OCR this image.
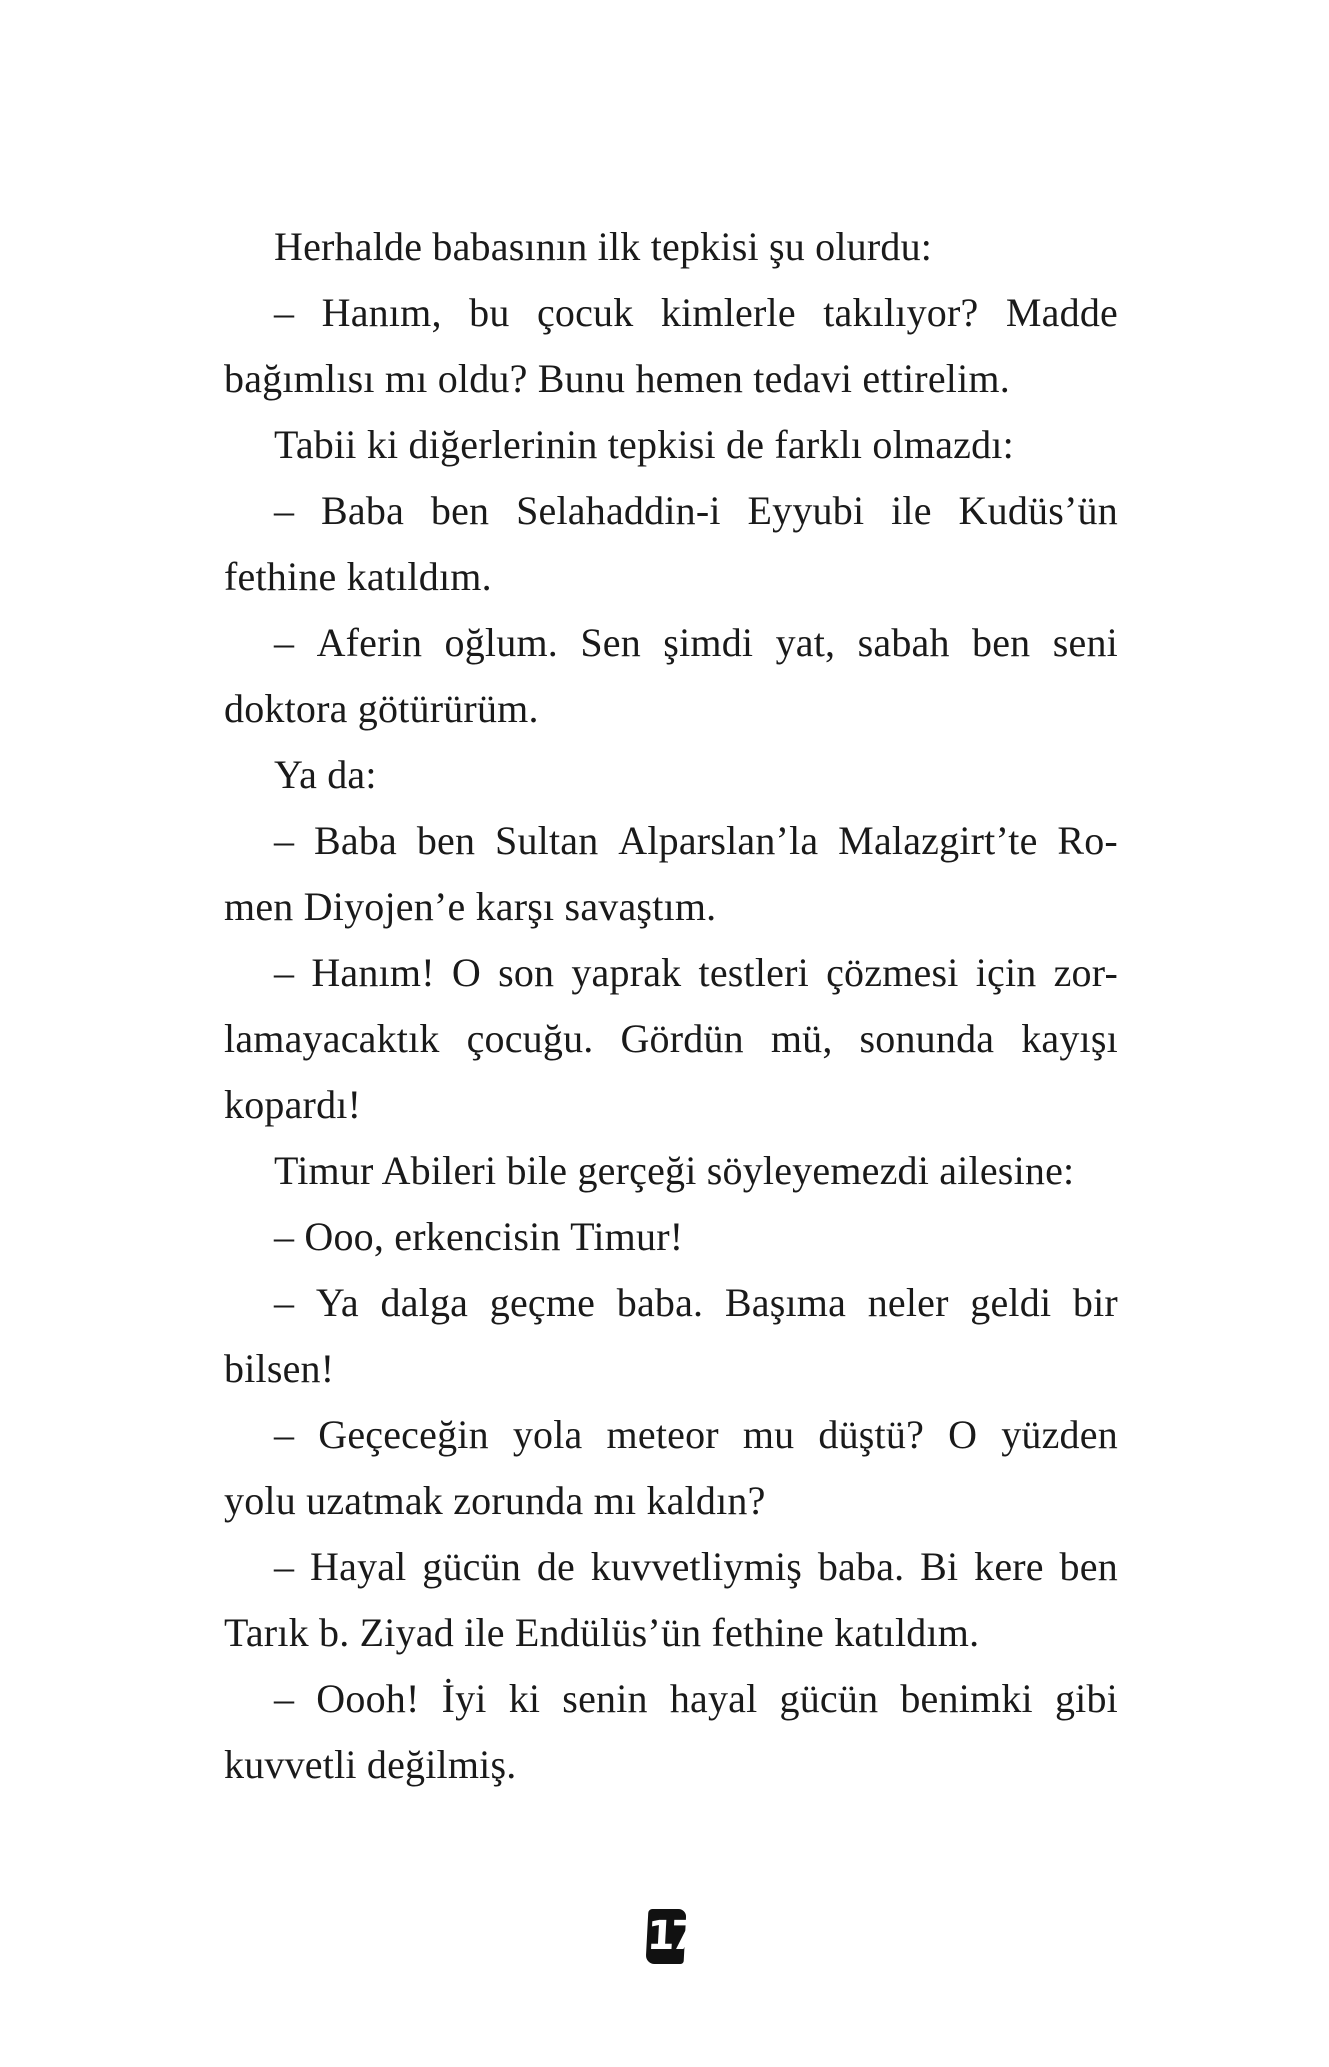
Herhalde babasının ilk tepkisi şu olurdu:
– Hanım, bu çocuk kimlerle takılıyor? Madde
bağımlısı mı oldu? Bunu hemen tedavi ettirelim.
Tabii ki diğerlerinin tepkisi de farklı olmazdı:
– Baba ben Selahaddin-i Eyyubi ile Kudüs’ün
fethine katıldım.
– Aferin oğlum. Sen şimdi yat, sabah ben seni
doktora götürürüm.
Ya da:
– Baba ben Sultan Alparslan’la Malazgirt’te Ro-
men Diyojen’e karşı savaştım.
– Hanım! O son yaprak testleri çözmesi için zor-
lamayacaktık çocuğu. Gördün mü, sonunda kayışı
kopardı!
Timur Abileri bile gerçeği söyleyemezdi ailesine:
– Ooo, erkencisin Timur!
– Ya dalga geçme baba. Başıma neler geldi bir
bilsen!
– Geçeceğin yola meteor mu düştü? O yüzden
yolu uzatmak zorunda mı kaldın?
– Hayal gücün de kuvvetliymiş baba. Bi kere ben
Tarık b. Ziyad ile Endülüs’ün fethine katıldım.
– Oooh! İyi ki senin hayal gücün benimki gibi
kuvvetli değilmiş.
17
